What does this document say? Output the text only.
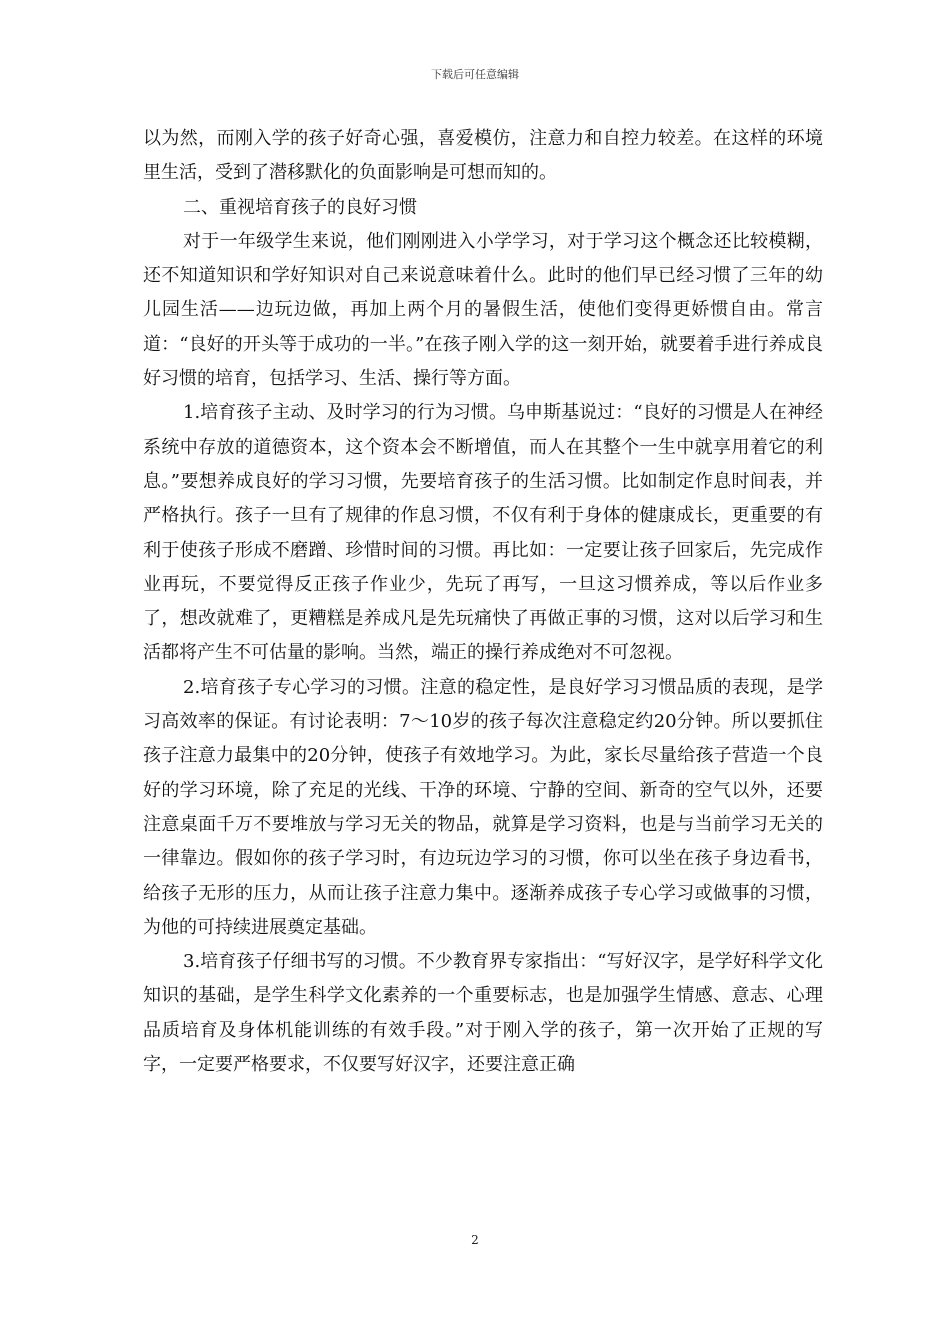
下载后可任意编辑

以为然，而刚入学的孩子好奇心强，喜爱模仿，注意力和自控力较差。在这样的环境里生活，受到了潜移默化的负面影响是可想而知的。

二、重视培育孩子的良好习惯

对于一年级学生来说，他们刚刚进入小学学习，对于学习这个概念还比较模糊，还不知道知识和学好知识对自己来说意味着什么。此时的他们早已经习惯了三年的幼儿园生活——边玩边做，再加上两个月的暑假生活，使他们变得更娇惯自由。常言道：“良好的开头等于成功的一半。”在孩子刚入学的这一刻开始，就要着手进行养成良好习惯的培育，包括学习、生活、操行等方面。

1.培育孩子主动、及时学习的行为习惯。乌申斯基说过：“良好的习惯是人在神经系统中存放的道德资本，这个资本会不断增值，而人在其整个一生中就享用着它的利息。”要想养成良好的学习习惯，先要培育孩子的生活习惯。比如制定作息时间表，并严格执行。孩子一旦有了规律的作息习惯，不仅有利于身体的健康成长，更重要的有利于使孩子形成不磨蹭、珍惜时间的习惯。再比如：一定要让孩子回家后，先完成作业再玩，不要觉得反正孩子作业少，先玩了再写，一旦这习惯养成，等以后作业多了，想改就难了，更糟糕是养成凡是先玩痛快了再做正事的习惯，这对以后学习和生活都将产生不可估量的影响。当然，端正的操行养成绝对不可忽视。

2.培育孩子专心学习的习惯。注意的稳定性，是良好学习习惯品质的表现，是学习高效率的保证。有讨论表明：7～10岁的孩子每次注意稳定约20分钟。所以要抓住孩子注意力最集中的20分钟，使孩子有效地学习。为此，家长尽量给孩子营造一个良好的学习环境，除了充足的光线、干净的环境、宁静的空间、新奇的空气以外，还要注意桌面千万不要堆放与学习无关的物品，就算是学习资料，也是与当前学习无关的一律靠边。假如你的孩子学习时，有边玩边学习的习惯，你可以坐在孩子身边看书，给孩子无形的压力，从而让孩子注意力集中。逐渐养成孩子专心学习或做事的习惯，为他的可持续进展奠定基础。

3.培育孩子仔细书写的习惯。不少教育界专家指出：“写好汉字，是学好科学文化知识的基础，是学生科学文化素养的一个重要标志，也是加强学生情感、意志、心理品质培育及身体机能训练的有效手段。”对于刚入学的孩子，第一次开始了正规的写字，一定要严格要求，不仅要写好汉字，还要注意正确

2
